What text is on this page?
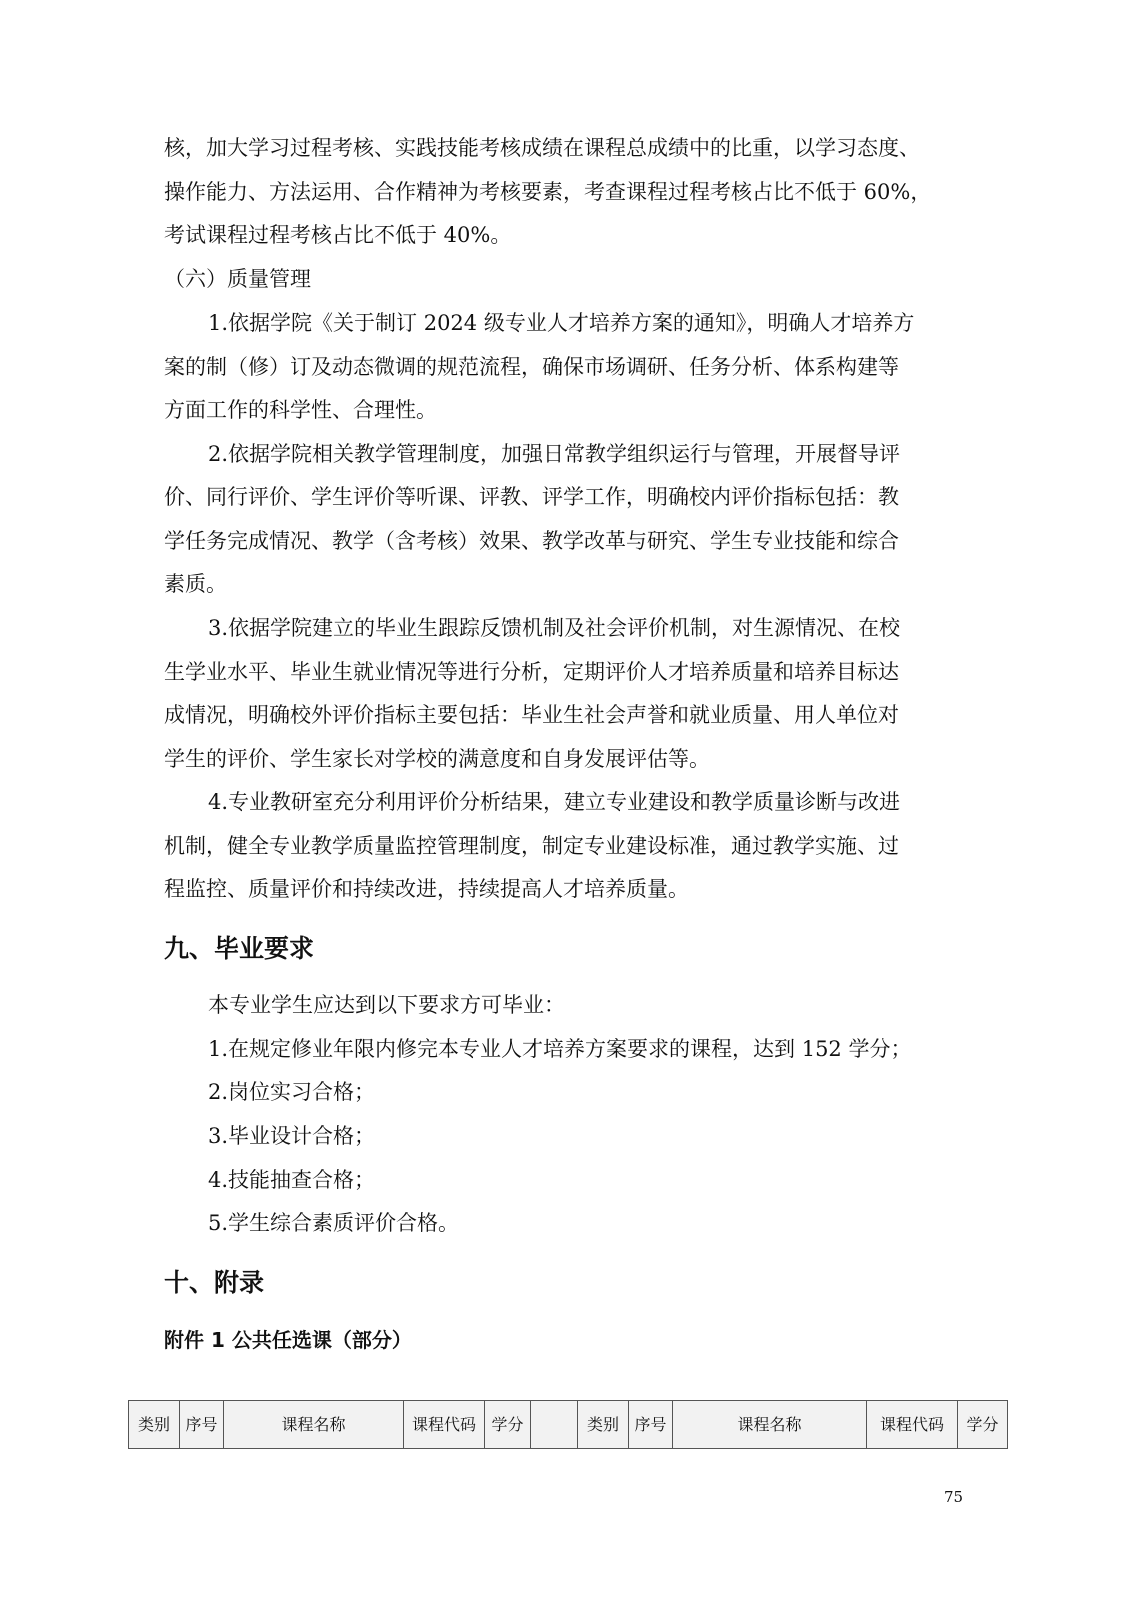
核，加大学习过程考核、实践技能考核成绩在课程总成绩中的比重，以学习态度、

操作能力、方法运用、合作精神为考核要素，考查课程过程考核占比不低于 60%，

考试课程过程考核占比不低于 40%。

（六）质量管理

1.依据学院《关于制订 2024 级专业人才培养方案的通知》，明确人才培养方

案的制（修）订及动态微调的规范流程，确保市场调研、任务分析、体系构建等

方面工作的科学性、合理性。

2.依据学院相关教学管理制度，加强日常教学组织运行与管理，开展督导评

价、同行评价、学生评价等听课、评教、评学工作，明确校内评价指标包括：教

学任务完成情况、教学（含考核）效果、教学改革与研究、学生专业技能和综合

素质。

3.依据学院建立的毕业生跟踪反馈机制及社会评价机制，对生源情况、在校

生学业水平、毕业生就业情况等进行分析，定期评价人才培养质量和培养目标达

成情况，明确校外评价指标主要包括：毕业生社会声誉和就业质量、用人单位对

学生的评价、学生家长对学校的满意度和自身发展评估等。

4.专业教研室充分利用评价分析结果，建立专业建设和教学质量诊断与改进

机制，健全专业教学质量监控管理制度，制定专业建设标准，通过教学实施、过

程监控、质量评价和持续改进，持续提高人才培养质量。

九、毕业要求

本专业学生应达到以下要求方可毕业：

1.在规定修业年限内修完本专业人才培养方案要求的课程，达到 152 学分；

2.岗位实习合格；

3.毕业设计合格；

4.技能抽查合格；

5.学生综合素质评价合格。

十、附录
附件 1 公共任选课（部分）
类别	序号	课程名称	课程代码	学分		类别	序号	课程名称	课程代码	学分
75
